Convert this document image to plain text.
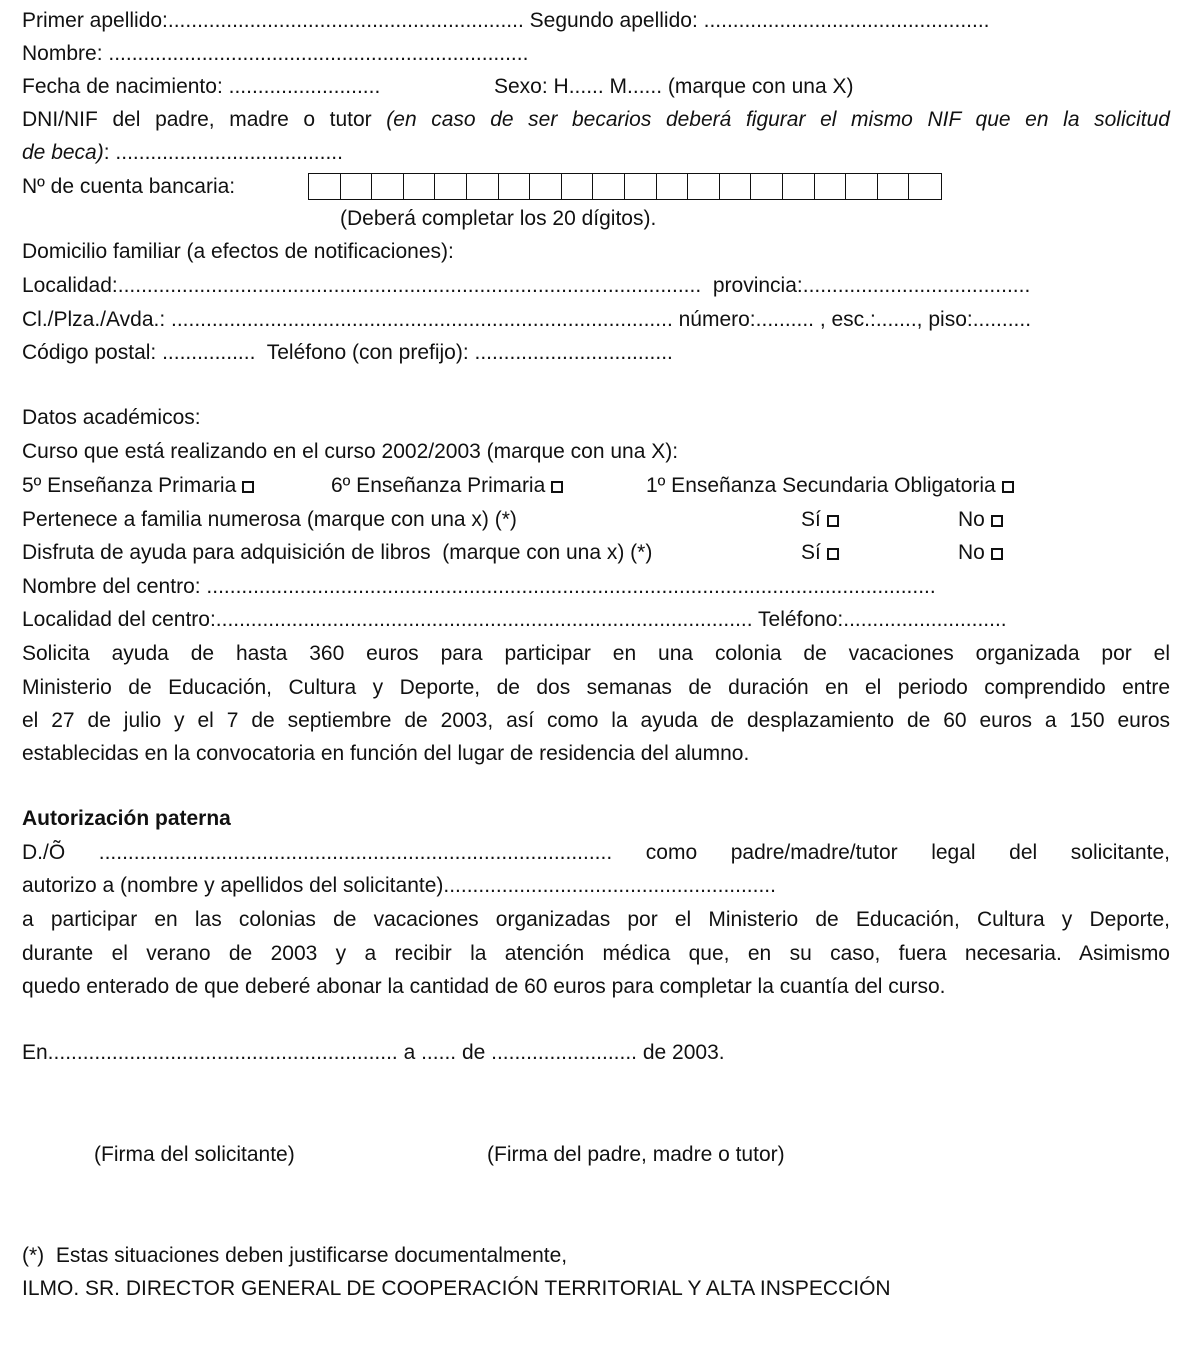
Primer apellido:............................................................. Segundo apellido: .................................................
Nombre: ........................................................................
Fecha de nacimiento: ..........................	Sexo: H...... M...... (marque con una X)
DNI/NIF del padre, madre o tutor (en caso de ser becarios deberá figurar el mismo NIF que en la solicitud
de beca): .......................................
Nº de cuenta bancaria:
(Deberá completar los 20 dígitos).
Domicilio familiar (a efectos de notificaciones):
Localidad:....................................................................................................  provincia:.......................................
Cl./Plza./Avda.: ...................................................................................... número:.......... , esc.:......., piso:..........
Código postal: ................  Teléfono (con prefijo): ..................................
Datos académicos:
Curso que está realizando en el curso 2002/2003 (marque con una X):
5º Enseñanza Primaria	6º Enseñanza Primaria	1º Enseñanza Secundaria Obligatoria
Pertenece a familia numerosa (marque con una x) (*)	Sí	No
Disfruta de ayuda para adquisición de libros  (marque con una x) (*)	Sí	No
Nombre del centro: .............................................................................................................................
Localidad del centro:............................................................................................ Teléfono:............................
Solicita ayuda de hasta 360 euros para participar en una colonia de vacaciones organizada por el
Ministerio de Educación, Cultura y Deporte, de dos semanas de duración en el periodo comprendido entre
el 27 de julio y el 7 de septiembre de 2003, así como la ayuda de desplazamiento de 60 euros a 150 euros
establecidas en la convocatoria en función del lugar de residencia del alumno.
Autorización paterna
D./Õ ........................................................................................ como padre/madre/tutor legal del solicitante,
autorizo a (nombre y apellidos del solicitante).........................................................
a participar en las colonias de vacaciones organizadas por el Ministerio de Educación, Cultura y Deporte,
durante el verano de 2003 y a recibir la atención médica que, en su caso, fuera necesaria. Asimismo
quedo enterado de que deberé abonar la cantidad de 60 euros para completar la cuantía del curso.
En............................................................ a ...... de ......................... de 2003.
(Firma del solicitante)	(Firma del padre, madre o tutor)
(*)  Estas situaciones deben justificarse documentalmente,
ILMO. SR. DIRECTOR GENERAL DE COOPERACIÓN TERRITORIAL Y ALTA INSPECCIÓN
